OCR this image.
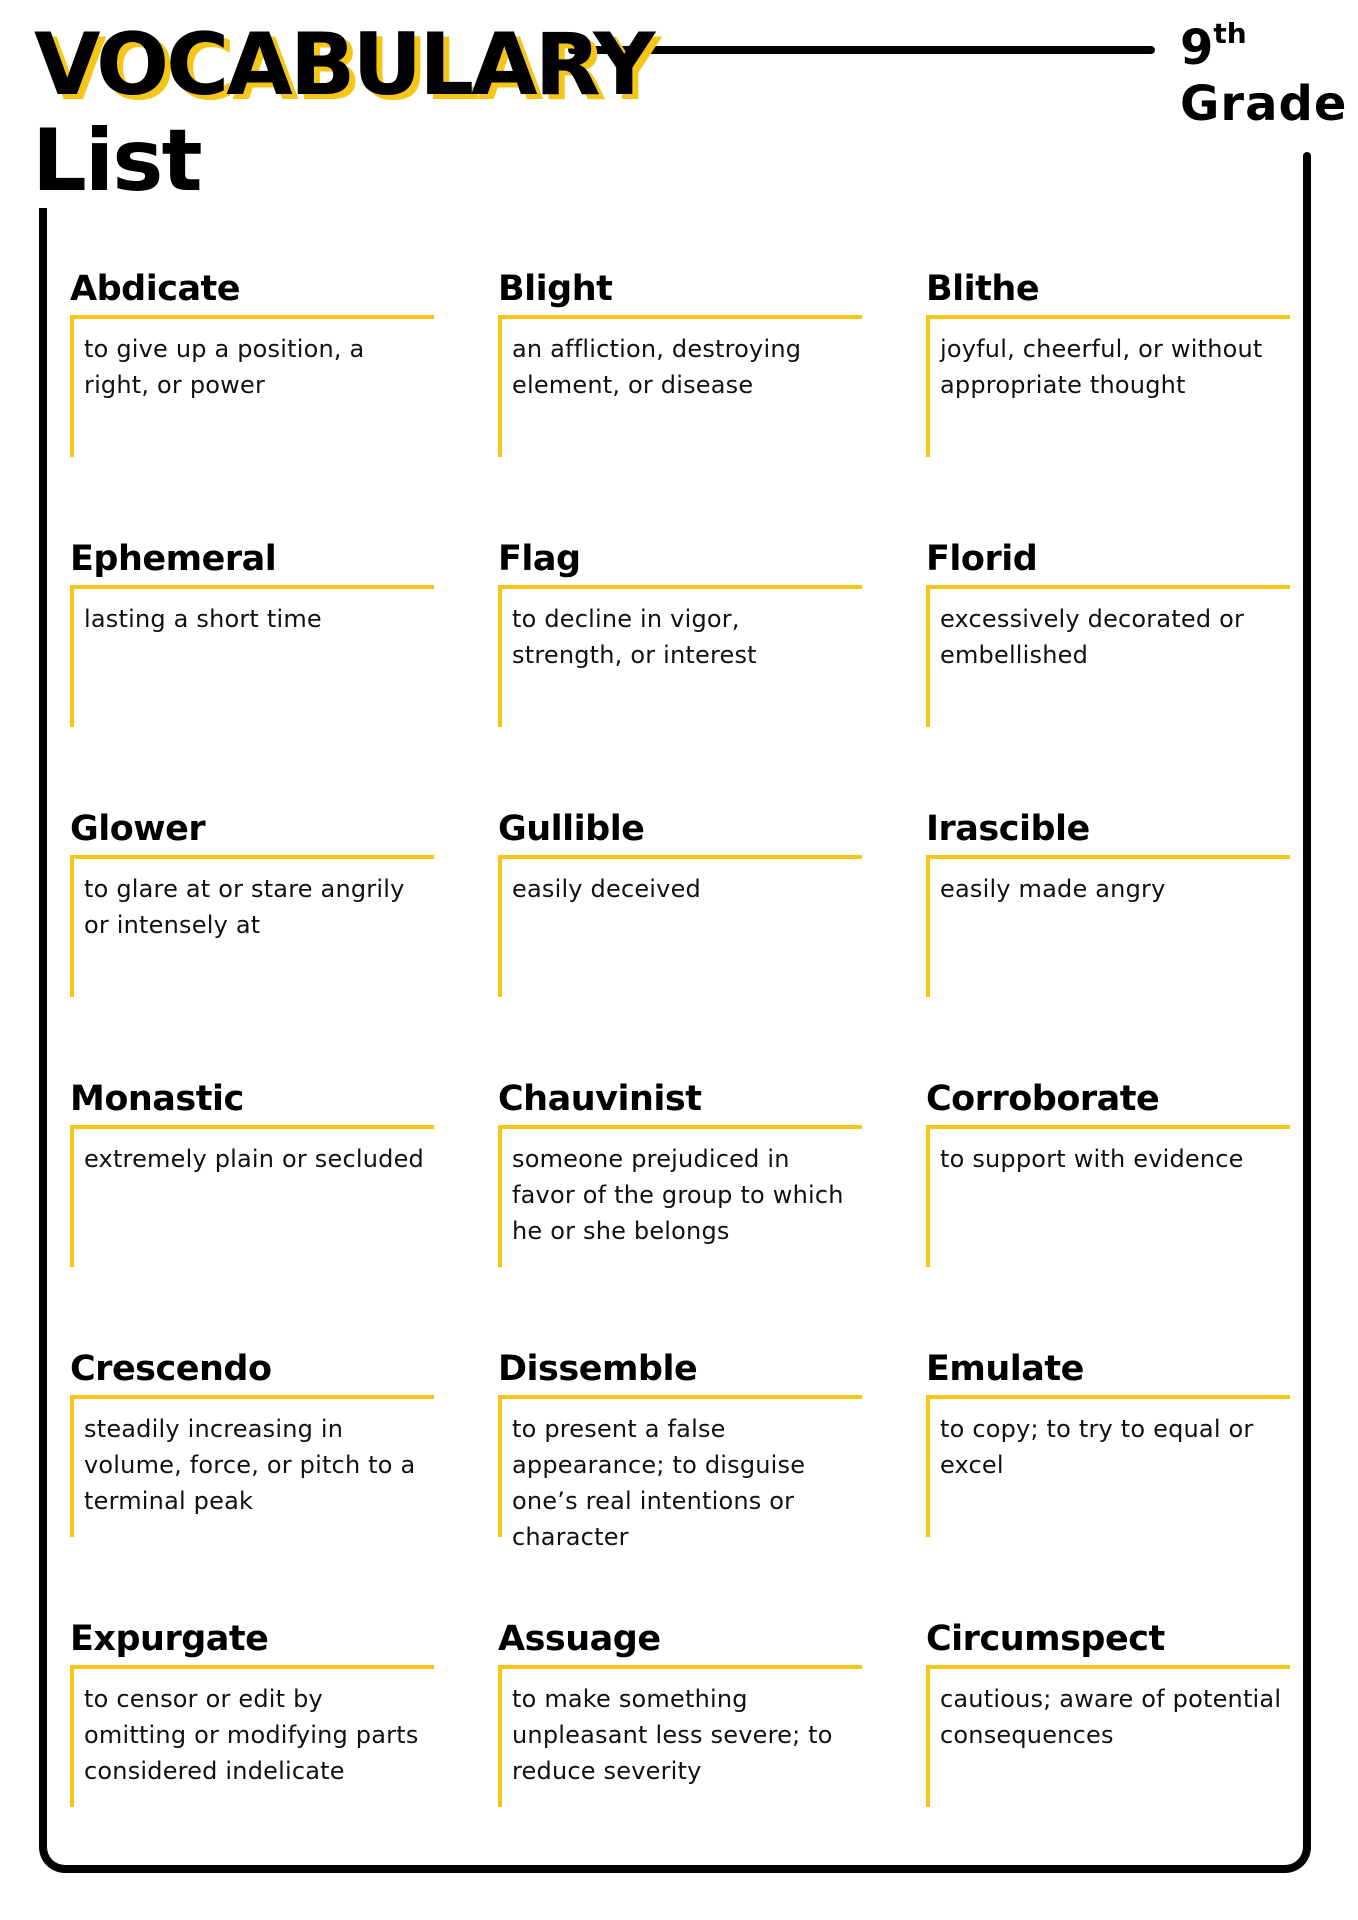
VOCABULARY
List
9th
Grade
Abdicate
to give up a position, a right, or power
Blight
an affliction, destroying element, or disease
Blithe
joyful, cheerful, or without appropriate thought
Ephemeral
lasting a short time
Flag
to decline in vigor, strength, or interest
Florid
excessively decorated or embellished
Glower
to glare at or stare angrily or intensely at
Gullible
easily deceived
Irascible
easily made angry
Monastic
extremely plain or secluded
Chauvinist
someone prejudiced in favor of the group to which he or she belongs
Corroborate
to support with evidence
Crescendo
steadily increasing in volume, force, or pitch to a terminal peak
Dissemble
to present a false appearance; to disguise one’s real intentions or character
Emulate
to copy; to try to equal or excel
Expurgate
to censor or edit by omitting or modifying parts considered indelicate
Assuage
to make something unpleasant less severe; to reduce severity
Circumspect
cautious; aware of potential consequences
